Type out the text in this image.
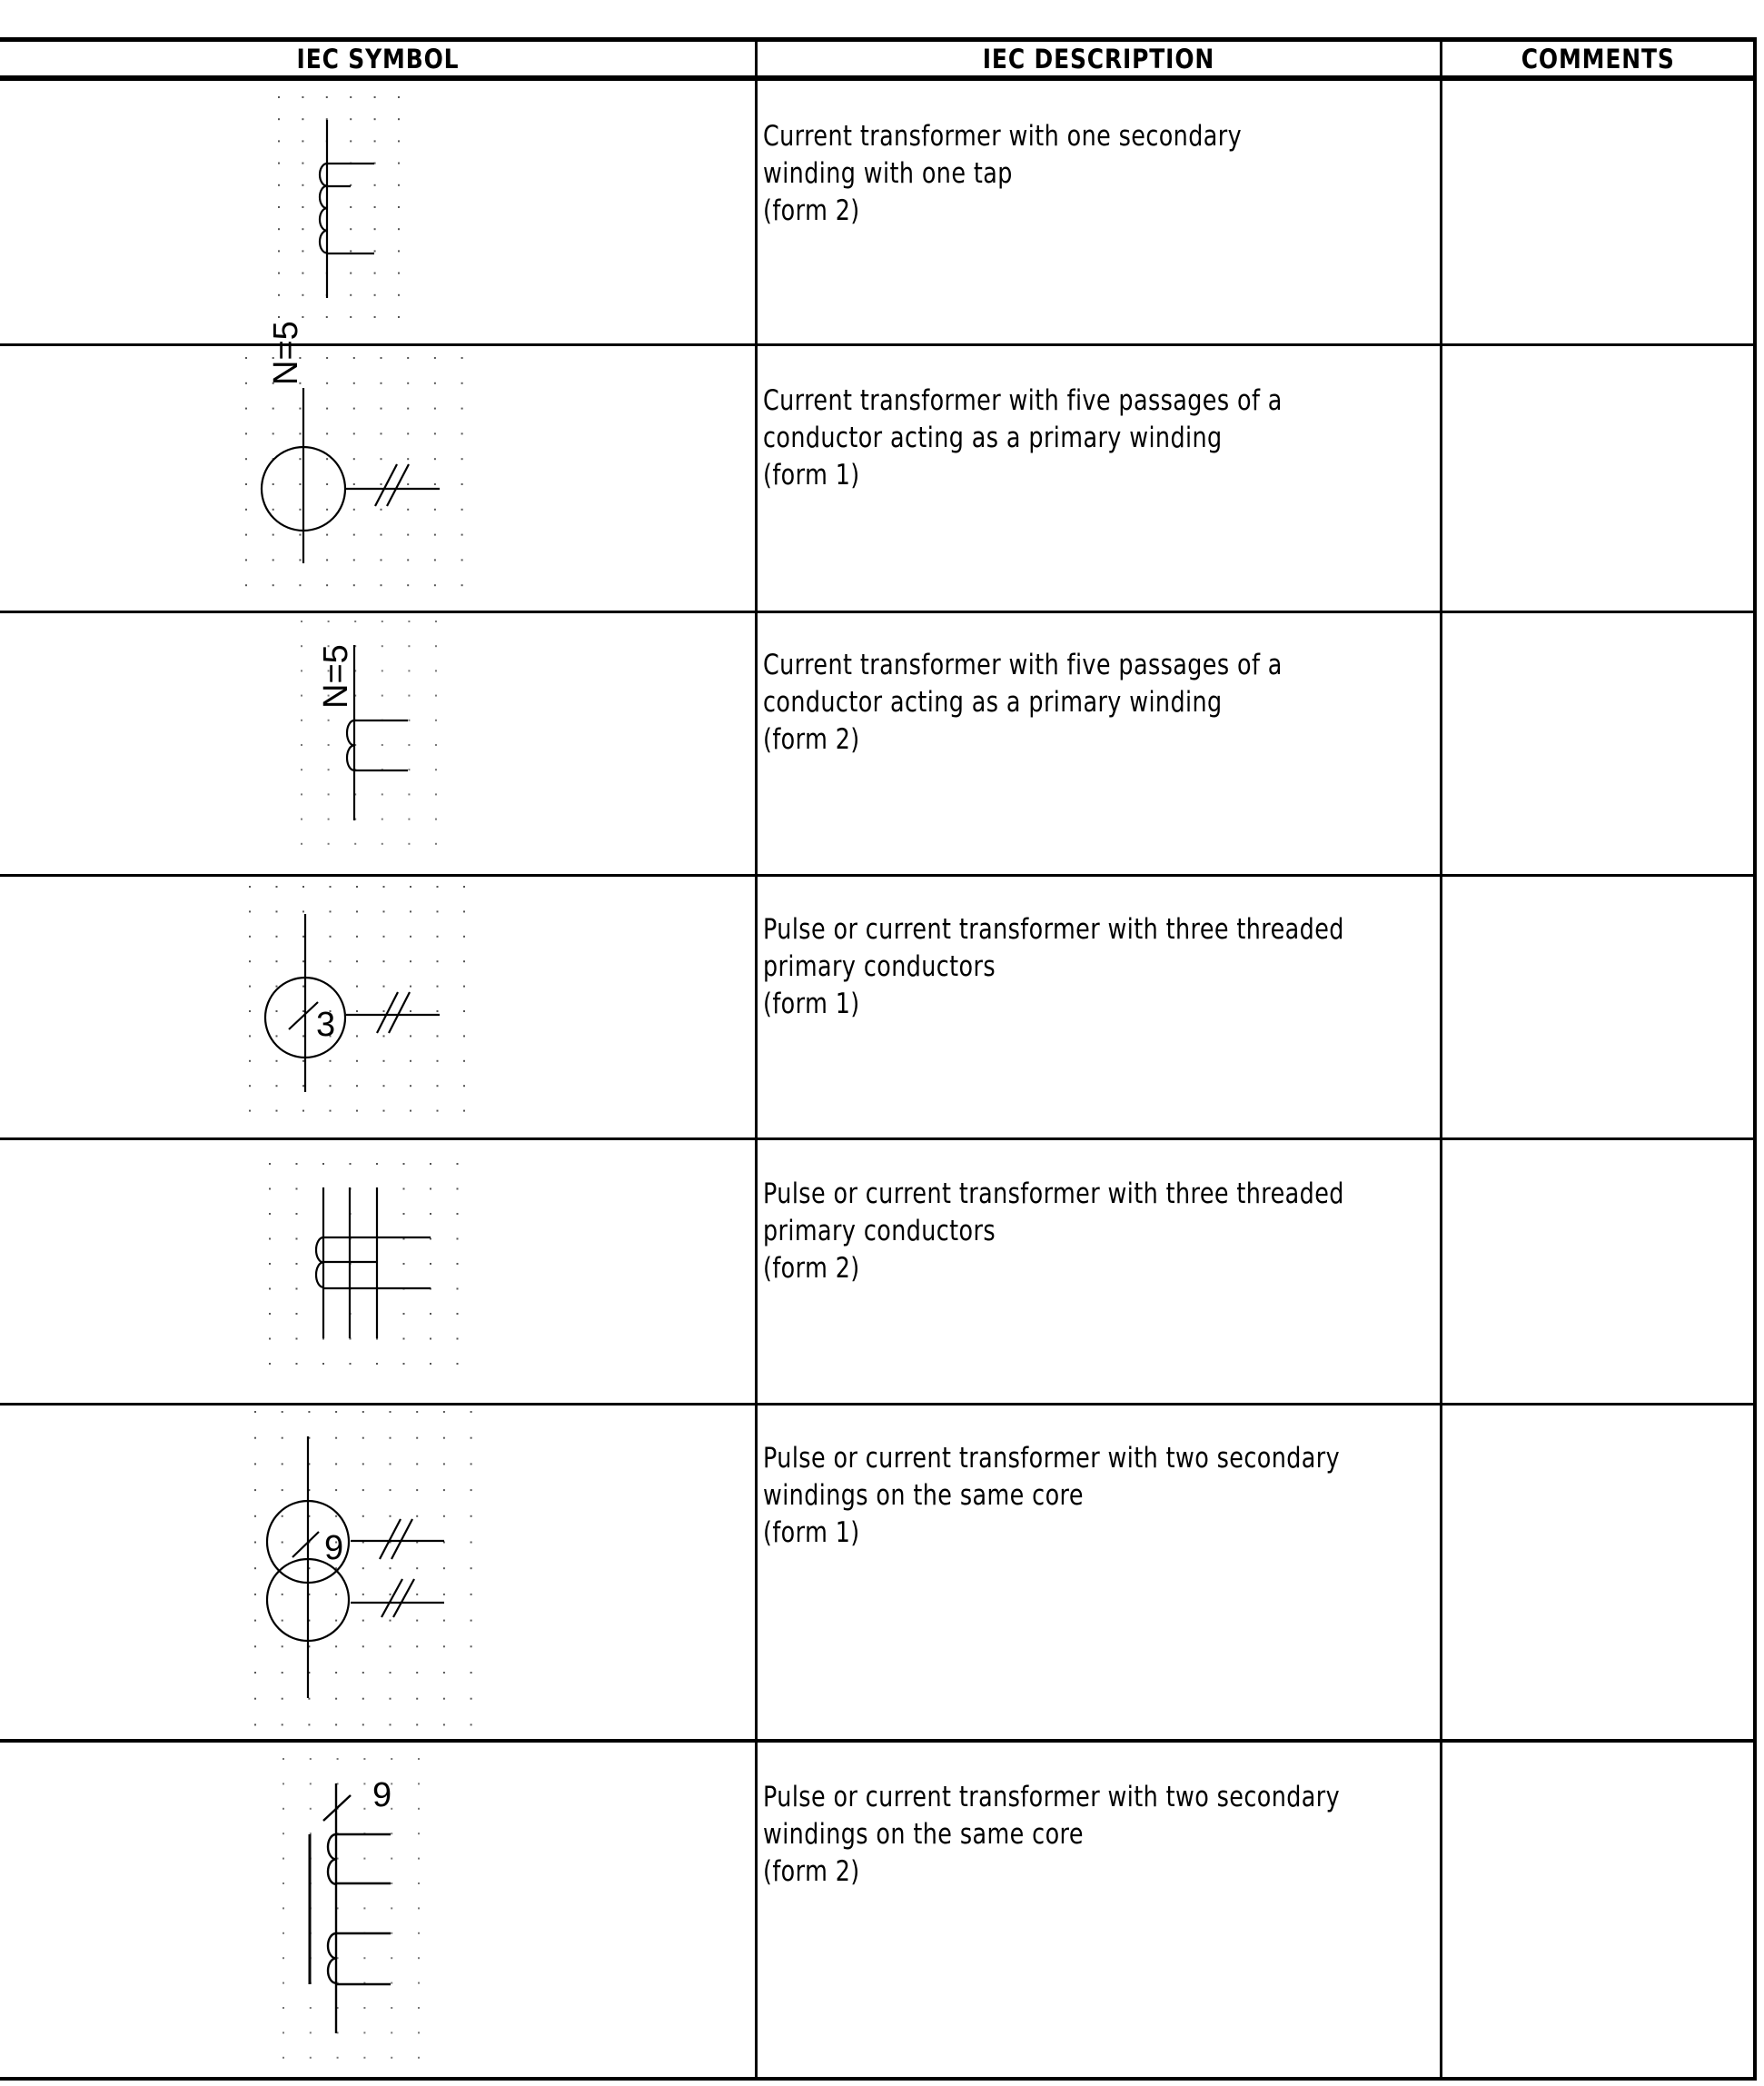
IEC SYMBOL	IEC DESCRIPTION	COMMENTS
Current transformer with one secondary
winding with one tap
(form 2)
Current transformer with five passages of a
conductor acting as a primary winding
(form 1)
Current transformer with five passages of a
conductor acting as a primary winding
(form 2)
Pulse or current transformer with three threaded
primary conductors
(form 1)
Pulse or current transformer with three threaded
primary conductors
(form 2)
Pulse or current transformer with two secondary
windings on the same core
(form 1)
Pulse or current transformer with two secondary
windings on the same core
(form 2)
N=5
N=5
3
9
9
